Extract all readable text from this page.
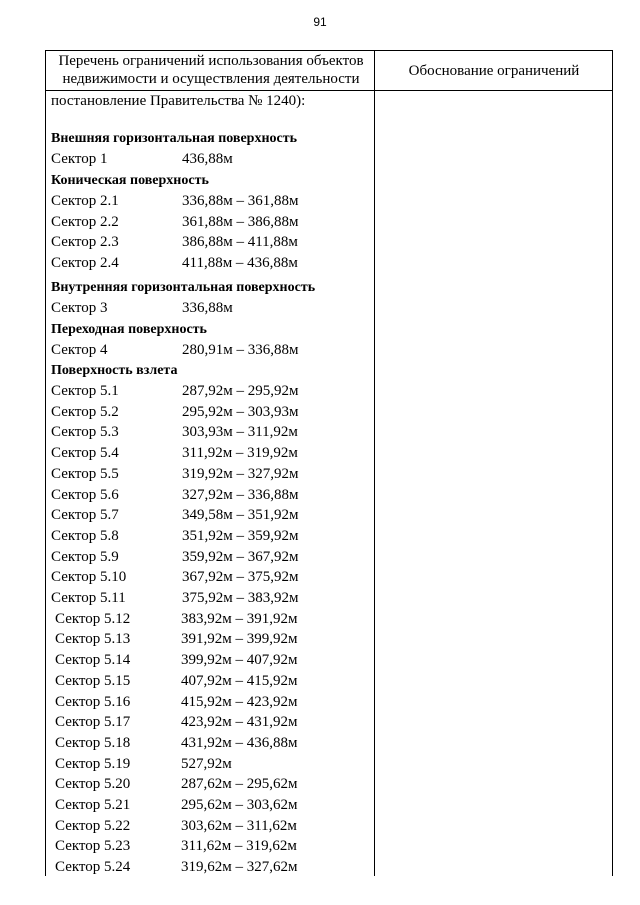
91
Перечень ограничений использования объектов
недвижимости и осуществления деятельности
Обоснование ограничений
постановление Правительства № 1240):
Внешняя горизонтальная поверхность
Сектор 1	436,88м
Коническая поверхность
Сектор 2.1	336,88м – 361,88м
Сектор 2.2	361,88м – 386,88м
Сектор 2.3	386,88м – 411,88м
Сектор 2.4	411,88м – 436,88м
Внутренняя горизонтальная поверхность
Сектор 3	336,88м
Переходная поверхность
Сектор 4	280,91м – 336,88м
Поверхность взлета
Сектор 5.1	287,92м – 295,92м
Сектор 5.2	295,92м – 303,93м
Сектор 5.3	303,93м – 311,92м
Сектор 5.4	311,92м – 319,92м
Сектор 5.5	319,92м – 327,92м
Сектор 5.6	327,92м – 336,88м
Сектор 5.7	349,58м – 351,92м
Сектор 5.8	351,92м – 359,92м
Сектор 5.9	359,92м – 367,92м
Сектор 5.10	367,92м – 375,92м
Сектор 5.11	375,92м – 383,92м
Сектор 5.12	383,92м – 391,92м
Сектор 5.13	391,92м – 399,92м
Сектор 5.14	399,92м – 407,92м
Сектор 5.15	407,92м – 415,92м
Сектор 5.16	415,92м – 423,92м
Сектор 5.17	423,92м – 431,92м
Сектор 5.18	431,92м – 436,88м
Сектор 5.19	527,92м
Сектор 5.20	287,62м – 295,62м
Сектор 5.21	295,62м – 303,62м
Сектор 5.22	303,62м – 311,62м
Сектор 5.23	311,62м – 319,62м
Сектор 5.24	319,62м – 327,62м
